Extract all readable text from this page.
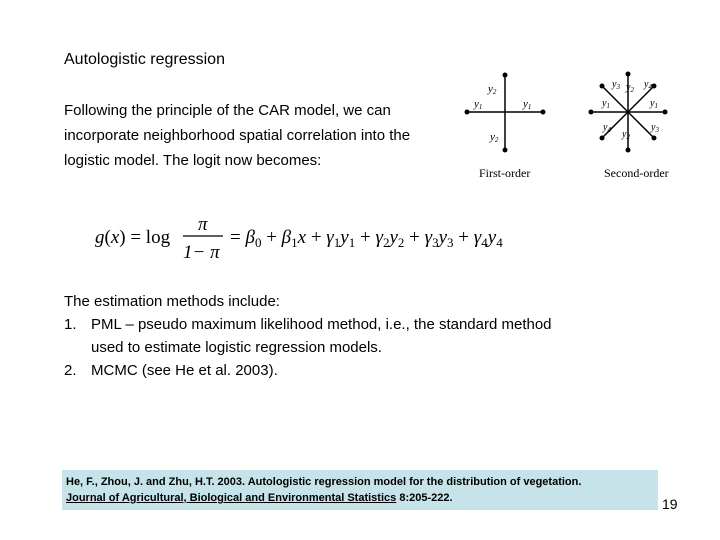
Autologistic regression
Following the principle of the CAR model, we can
incorporate neighborhood spatial correlation into the
logistic model. The logit now becomes:
y2
y1	y1
y2
First-order
$y_3$ $y_2$ $y_4$
$y_1$	$y_1$
$y_4$ $y_2$
$y_3$
Second-order
g(x) = log
π
1− π
= $\beta_0 + \beta_1x + \gamma_1y_1 + \gamma_2y_2 + \gamma_3y_3 + \gamma_4y_4$
The estimation methods include:
1. PML – pseudo maximum likelihood method, i.e., the standard method
used to estimate logistic regression models.
2. MCMC (see He et al. 2003).
He, F., Zhou, J. and Zhu, H.T. 2003. Autologistic regression model for the distribution of vegetation.
Journal of Agricultural, Biological and Environmental Statistics 8:205-222.	19
